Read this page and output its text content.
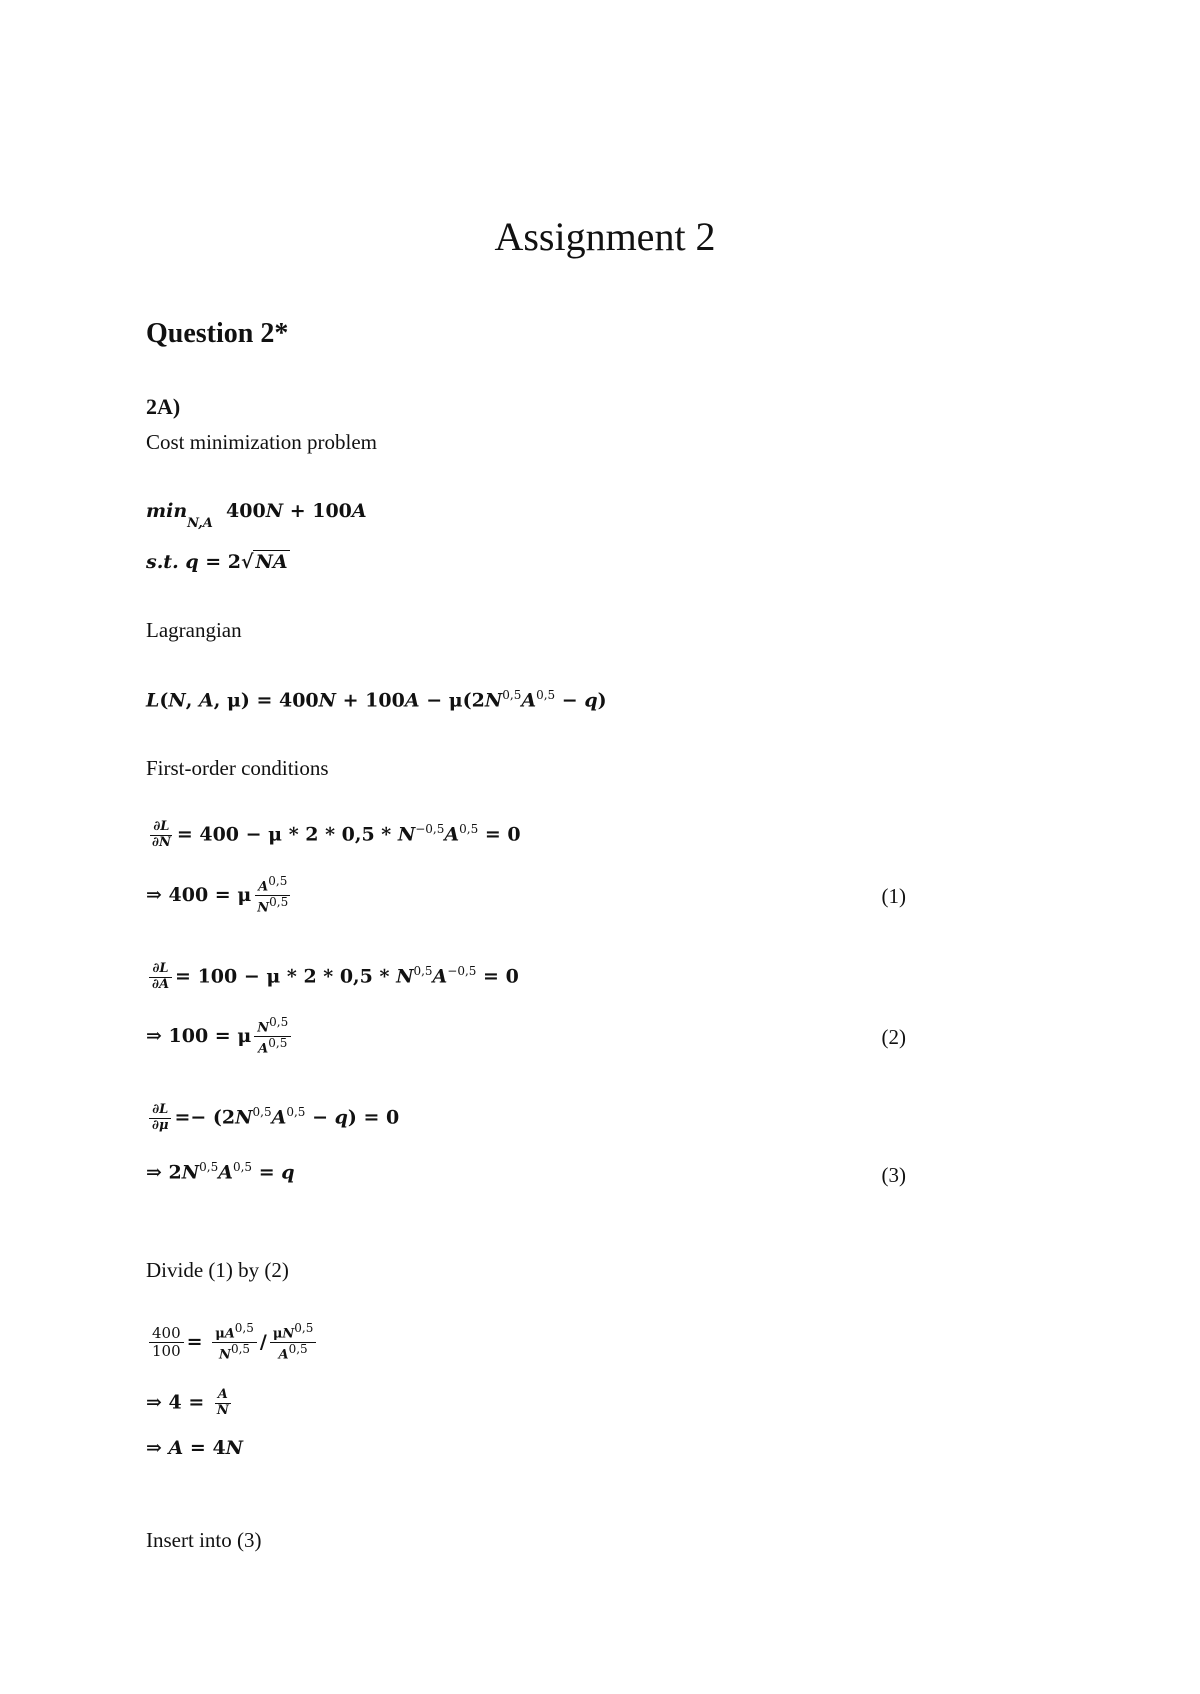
Assignment 2
Question 2*
2A)
Cost minimization problem
$\min_{N,A} 400N + 100A$
s.t. q = 2√ NA
Lagrangian
L(N, A, $\mu) = 400N + 100A - \mu(2N^{0,5}A^{0,5} - q)$
First-order conditions
$\frac{\partial L}{\partial N} = 400 - \mu * 2 * 0,5 * N^{-0,5}A^{0,5} = 0$
⇒ 400 = μ $\frac{A^{0,5}}{N^{0,5}}$	(1)
$\frac{\partial L}{\partial A} = 100 - \mu * 2 * 0,5 * N^{0,5}A^{-0,5} = 0$
⇒ 100 = μ $\frac{N^{0,5}}{A^{0,5}}$	(2)
$\frac{\partial L}{\partial\mu} =- (2N^{0,5}A^{0,5} - q) = 0$
⇒ $2N^{0,5}A^{0,5} = q$	(3)
Divide (1) by (2)
$\frac{400}{100} = \frac{\mu A^{0,5}}{N^{0,5}} / \frac{\mu N^{0,5}}{A^{0,5}}$
⇒ $4 = \frac{A}{N}$
⇒ A = 4N
Insert into (3)
